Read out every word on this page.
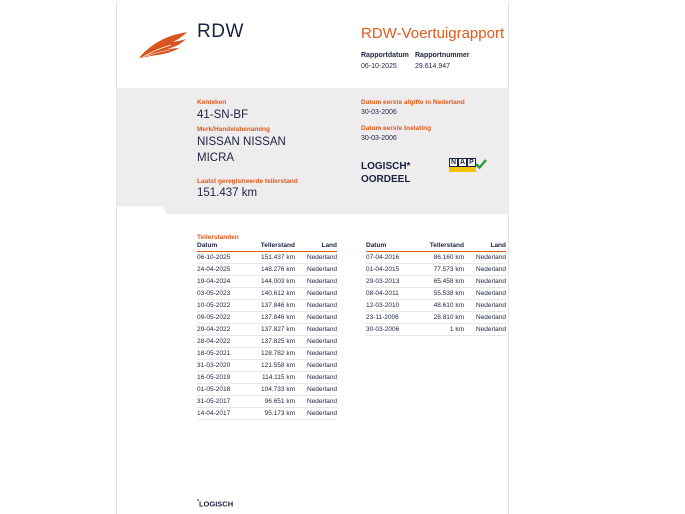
RDW	RDW-Voertuigrapport
Rapportdatum
06-10-2025
Rapportnummer
29.614.947
Kenteken
41-SN-BF
Merk/Handelsbenaming
NISSAN NISSAN
MICRA
Laatst geregistreerde tellerstand
151.437 km
Datum eerste afgifte in Nederland
30-03-2006
Datum eerste toelating
30-03-2006
LOGISCH*
OORDEEL
N A P
Tellerstanden
Datum	Tellerstand	Land
06-10-2025	151.437 km	Nederland
24-04-2025	148.276 km	Nederland
19-04-2024	144.003 km	Nederland
03-05-2023	140.612 km	Nederland
10-05-2022	137.846 km	Nederland
09-05-2022	137.846 km	Nederland
29-04-2022	137.827 km	Nederland
28-04-2022	137.825 km	Nederland
18-05-2021	128.782 km	Nederland
31-03-2020	121.558 km	Nederland
16-05-2019	114.115 km	Nederland
01-05-2018	104.733 km	Nederland
31-05-2017	96.651 km	Nederland
14-04-2017	95.173 km	Nederland
Datum	Tellerstand	Land
07-04-2016	86.160 km	Nederland
01-04-2015	77.573 km	Nederland
29-03-2013	65.458 km	Nederland
08-04-2011	55.538 km	Nederland
12-03-2010	48.610 km	Nederland
23-11-2006	28.810 km	Nederland
30-03-2006	1 km	Nederland
*LOGISCH
